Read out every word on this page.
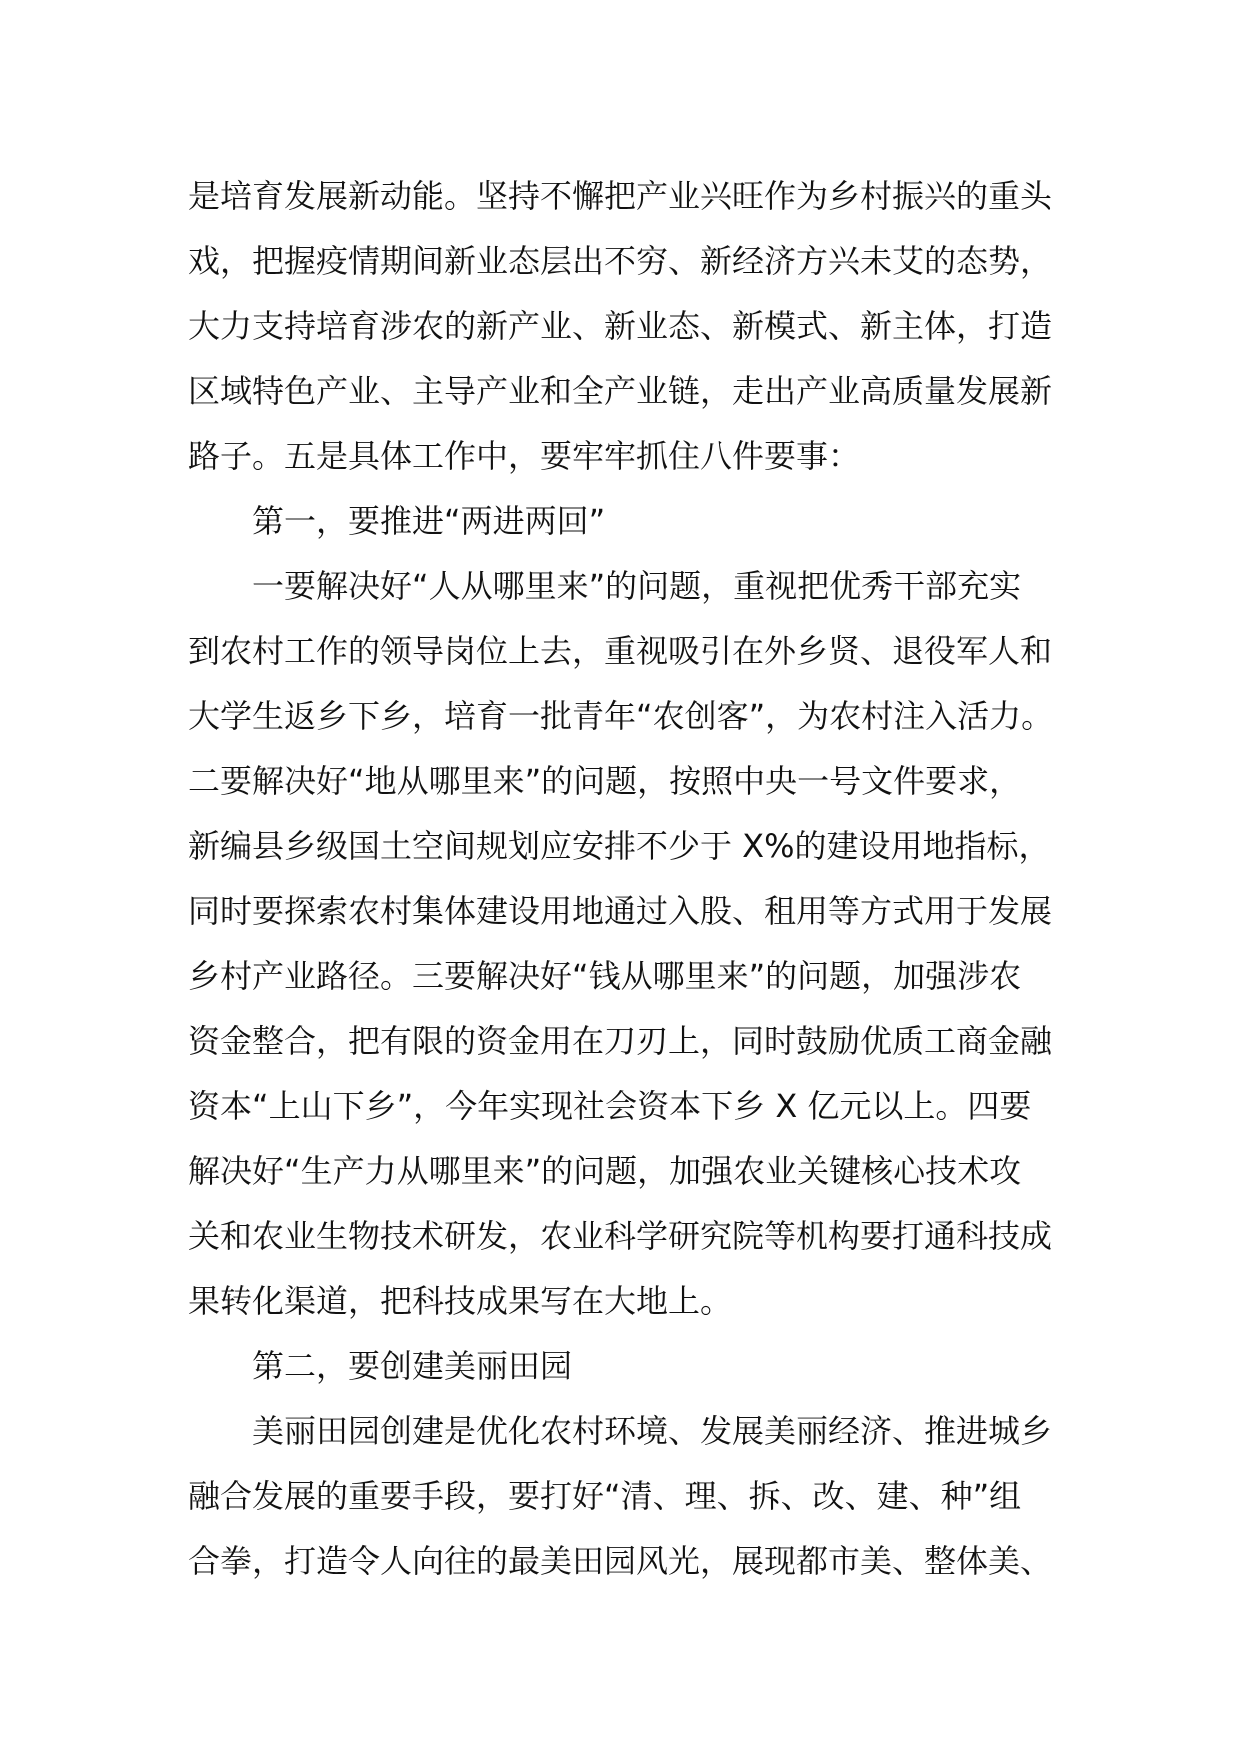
是培育发展新动能。坚持不懈把产业兴旺作为乡村振兴的重头
戏，把握疫情期间新业态层出不穷、新经济方兴未艾的态势，
大力支持培育涉农的新产业、新业态、新模式、新主体，打造
区域特色产业、主导产业和全产业链，走出产业高质量发展新
路子。五是具体工作中，要牢牢抓住八件要事：
第一，要推进“两进两回”
一要解决好“人从哪里来”的问题，重视把优秀干部充实
到农村工作的领导岗位上去，重视吸引在外乡贤、退役军人和
大学生返乡下乡，培育一批青年“农创客”，为农村注入活力。
二要解决好“地从哪里来”的问题，按照中央一号文件要求，
新编县乡级国土空间规划应安排不少于 X%的建设用地指标，
同时要探索农村集体建设用地通过入股、租用等方式用于发展
乡村产业路径。三要解决好“钱从哪里来”的问题，加强涉农
资金整合，把有限的资金用在刀刃上，同时鼓励优质工商金融
资本“上山下乡”，今年实现社会资本下乡 X 亿元以上。四要
解决好“生产力从哪里来”的问题，加强农业关键核心技术攻
关和农业生物技术研发，农业科学研究院等机构要打通科技成
果转化渠道，把科技成果写在大地上。
第二，要创建美丽田园
美丽田园创建是优化农村环境、发展美丽经济、推进城乡
融合发展的重要手段，要打好“清、理、拆、改、建、种”组
合拳，打造令人向往的最美田园风光，展现都市美、整体美、
